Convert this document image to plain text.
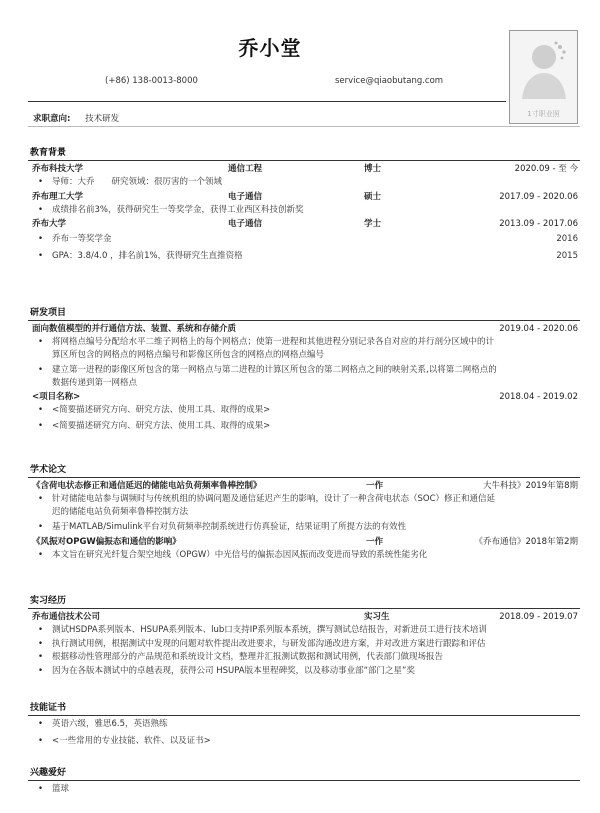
乔小堂
(+86) 138-0013-8000	service@qiaobutang.com
1寸职业照
求职意向: 技术研发
教育背景
乔布科技大学	通信工程	博士	2020.09 - 至 今
• 导师：大乔　　研究领域：很厉害的一个领域
乔布理工大学	电子通信	硕士	2017.09 - 2020.06
• 成绩排名前3%，获得研究生一等奖学金，获得工业西区科技创新奖
乔布大学	电子通信	学士	2013.09 - 2017.06
• 乔布一等奖学金	2016
• GPA：3.8/4.0 ，排名前1%，获得研究生直推资格	2015
研发项目
面向数值模型的并行通信方法、装置、系统和存储介质	2019.04 - 2020.06
• 将网格点编号分配给水平二维子网格上的每个网格点；使第一进程和其他进程分别记录各自对应的并行剖分区域中的计
算区所包含的网格点的网格点编号和影像区所包含的网格点的网格点编号
• 建立第一进程的影像区所包含的第一网格点与第二进程的计算区所包含的第二网格点之间的映射关系,以将第二网格点的
数据传递到第一网格点
<项目名称>	2018.04 - 2019.02
• <简要描述研究方向、研究方法、使用工具、取得的成果>
• <简要描述研究方向、研究方法、使用工具、取得的成果>
学术论文
《含荷电状态修正和通信延迟的储能电站负荷频率鲁棒控制》	一作	大牛科技》2019年第8期
• 针对储能电站参与调频时与传统机组的协调问题及通信延迟产生的影响，设计了一种含荷电状态（SOC）修正和通信延
迟的储能电站负荷频率鲁棒控制方法
• 基于MATLAB/Simulink平台对负荷频率控制系统进行仿真验证，结果证明了所提方法的有效性
《风振对OPGW偏振态和通信的影响》	一作	《乔布通信》2018年第2期
• 本文旨在研究光纤复合架空地线（OPGW）中光信号的偏振态因风振而改变进而导致的系统性能劣化
实习经历
乔布通信技术公司	实习生	2018.09 - 2019.07
• 测试HSDPA系列版本、HSUPA系列版本、lub口支持IP系列版本系统，撰写测试总结报告，对新进员工进行技术培训
• 执行测试用例，根据测试中发现的问题对软件提出改进要求，与研发部沟通改进方案，并对改进方案进行跟踪和评估
• 根据移动性管理部分的产品规范和系统设计文档，整理并汇报测试数据和测试用例，代表部门做现场报告
• 因为在各版本测试中的卓越表现，获得公司 HSUPA版本里程碑奖，以及移动事业部“部门之星”奖
技能证书
• 英语六级，雅思6.5，英语熟练
• <一些常用的专业技能、软件、以及证书>
兴趣爱好
• 篮球
